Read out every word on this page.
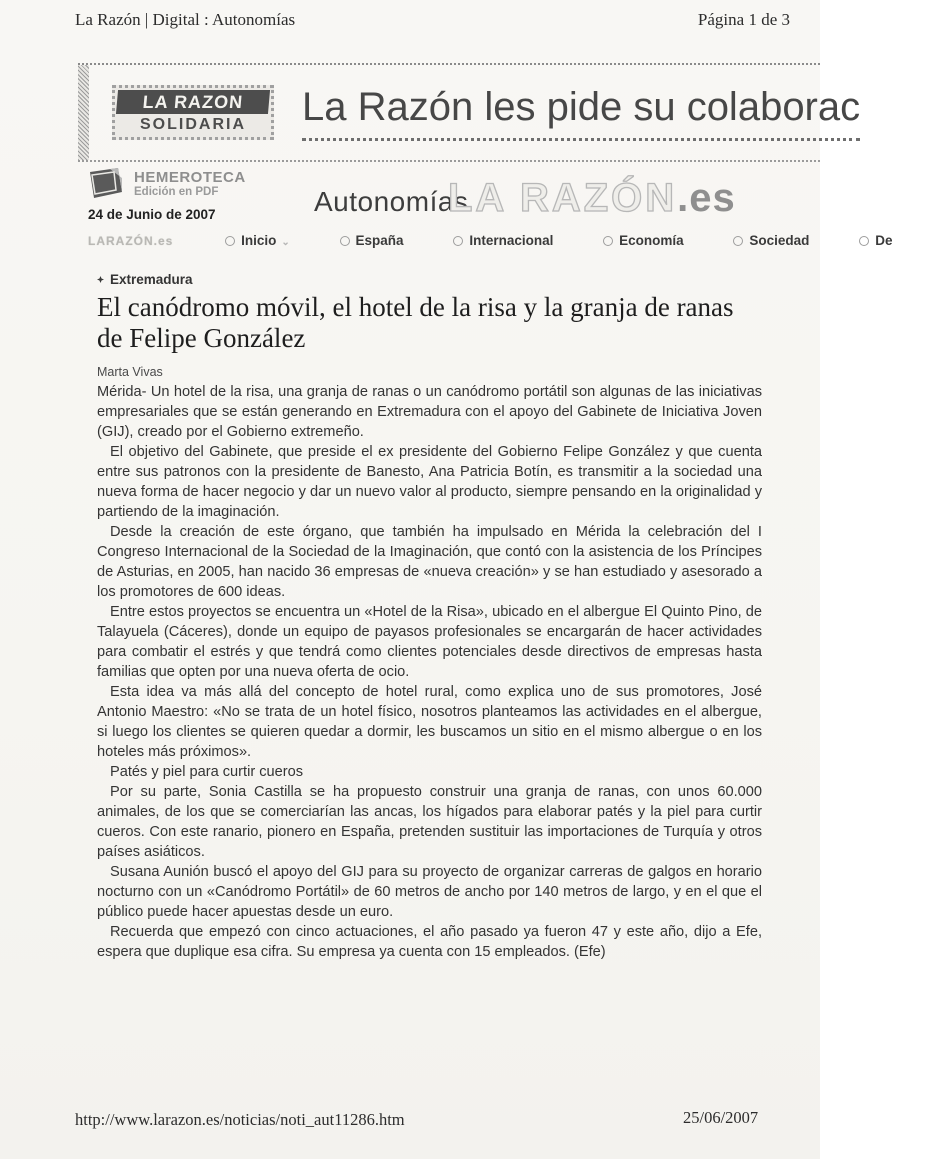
La Razón | Digital : Autonomías	Página 1 de 3
LA RAZON
SOLIDARIA	La Razón les pide su colaborac
HEMEROTECA
Edición en PDF
24 de Junio de 2007	Autonomías
LA RAZÓN.es
LARAZÓN.es	Inicio ⌄	España	Internacional	Economía	Sociedad	De
Extremadura
El canódromo móvil, el hotel de la risa y la granja de ranas de Felipe González
Marta Vivas

Mérida- Un hotel de la risa, una granja de ranas o un canódromo portátil son algunas de las iniciativas empresariales que se están generando en Extremadura con el apoyo del Gabinete de Iniciativa Joven (GIJ), creado por el Gobierno extremeño.

El objetivo del Gabinete, que preside el ex presidente del Gobierno Felipe González y que cuenta entre sus patronos con la presidente de Banesto, Ana Patricia Botín, es transmitir a la sociedad una nueva forma de hacer negocio y dar un nuevo valor al producto, siempre pensando en la originalidad y partiendo de la imaginación.

Desde la creación de este órgano, que también ha impulsado en Mérida la celebración del I Congreso Internacional de la Sociedad de la Imaginación, que contó con la asistencia de los Príncipes de Asturias, en 2005, han nacido 36 empresas de «nueva creación» y se han estudiado y asesorado a los promotores de 600 ideas.

Entre estos proyectos se encuentra un «Hotel de la Risa», ubicado en el albergue El Quinto Pino, de Talayuela (Cáceres), donde un equipo de payasos profesionales se encargarán de hacer actividades para combatir el estrés y que tendrá como clientes potenciales desde directivos de empresas hasta familias que opten por una nueva oferta de ocio.

Esta idea va más allá del concepto de hotel rural, como explica uno de sus promotores, José Antonio Maestro: «No se trata de un hotel físico, nosotros planteamos las actividades en el albergue, si luego los clientes se quieren quedar a dormir, les buscamos un sitio en el mismo albergue o en los hoteles más próximos».

Patés y piel para curtir cueros

Por su parte, Sonia Castilla se ha propuesto construir una granja de ranas, con unos 60.000 animales, de los que se comerciarían las ancas, los hígados para elaborar patés y la piel para curtir cueros. Con este ranario, pionero en España, pretenden sustituir las importaciones de Turquía y otros países asiáticos.

Susana Aunión buscó el apoyo del GIJ para su proyecto de organizar carreras de galgos en horario nocturno con un «Canódromo Portátil» de 60 metros de ancho por 140 metros de largo, y en el que el público puede hacer apuestas desde un euro.

Recuerda que empezó con cinco actuaciones, el año pasado ya fueron 47 y este año, dijo a Efe, espera que duplique esa cifra. Su empresa ya cuenta con 15 empleados. (Efe)

http://www.larazon.es/noticias/noti_aut11286.htm	25/06/2007
